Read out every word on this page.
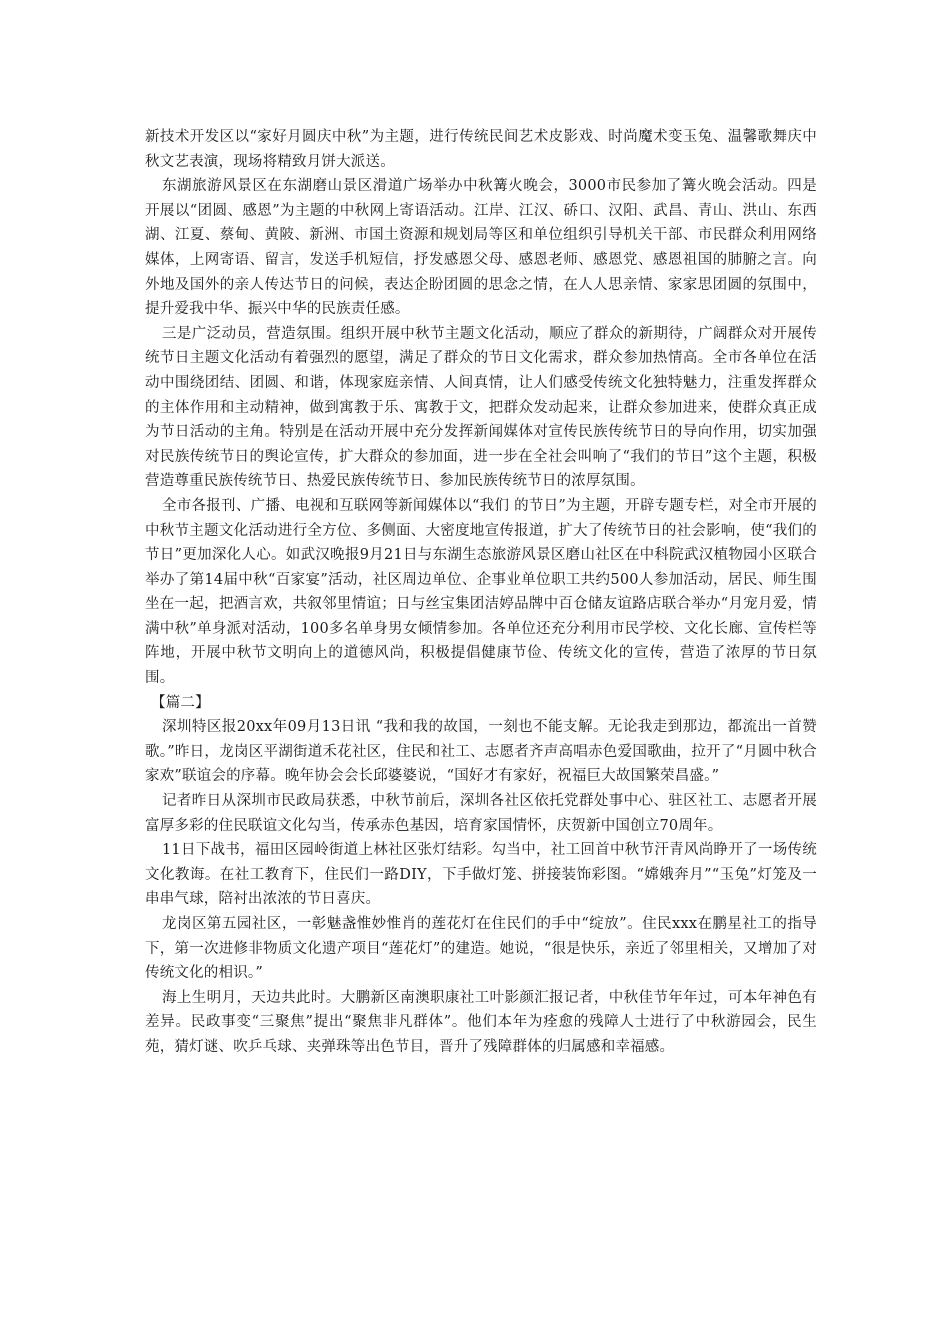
新技术开发区以“家好月圆庆中秋”为主题，进行传统民间艺术皮影戏、时尚魔术变玉兔、温馨歌舞庆中秋文艺表演，现场将精致月饼大派送。

东湖旅游风景区在东湖磨山景区滑道广场举办中秋篝火晚会，3000市民参加了篝火晚会活动。四是开展以“团圆、感恩”为主题的中秋网上寄语活动。江岸、江汉、硚口、汉阳、武昌、青山、洪山、东西湖、江夏、蔡甸、黄陂、新洲、市国土资源和规划局等区和单位组织引导机关干部、市民群众利用网络媒体，上网寄语、留言，发送手机短信，抒发感恩父母、感恩老师、感恩党、感恩祖国的肺腑之言。向外地及国外的亲人传达节日的问候，表达企盼团圆的思念之情，在人人思亲情、家家思团圆的氛围中，提升爱我中华、振兴中华的民族责任感。

三是广泛动员，营造氛围。组织开展中秋节主题文化活动，顺应了群众的新期待，广阔群众对开展传统节日主题文化活动有着强烈的愿望，满足了群众的节日文化需求，群众参加热情高。全市各单位在活动中围绕团结、团圆、和谐，体现家庭亲情、人间真情，让人们感受传统文化独特魅力，注重发挥群众的主体作用和主动精神，做到寓教于乐、寓教于文，把群众发动起来，让群众参加进来，使群众真正成为节日活动的主角。特别是在活动开展中充分发挥新闻媒体对宣传民族传统节日的导向作用，切实加强对民族传统节日的舆论宣传，扩大群众的参加面，进一步在全社会叫响了“我们的节日”这个主题，积极营造尊重民族传统节日、热爱民族传统节日、参加民族传统节日的浓厚氛围。

全市各报刊、广播、电视和互联网等新闻媒体以“我们 的节日”为主题，开辟专题专栏，对全市开展的中秋节主题文化活动进行全方位、多侧面、大密度地宣传报道，扩大了传统节日的社会影响，使“我们的节日”更加深化人心。如武汉晚报9月21日与东湖生态旅游风景区磨山社区在中科院武汉植物园小区联合举办了第14届中秋“百家宴”活动，社区周边单位、企事业单位职工共约500人参加活动，居民、师生围坐在一起，把酒言欢，共叙邻里情谊；日与丝宝集团洁婷品牌中百仓储友谊路店联合举办“月宠月爱，情满中秋”单身派对活动，100多名单身男女倾情参加。各单位还充分利用市民学校、文化长廊、宣传栏等阵地，开展中秋节文明向上的道德风尚，积极提倡健康节俭、传统文化的宣传，营造了浓厚的节日氛围。

【篇二】

深圳特区报20xx年09月13日讯 “我和我的故国，一刻也不能支解。无论我走到那边，都流出一首赞歌。”昨日，龙岗区平湖街道禾花社区，住民和社工、志愿者齐声高唱赤色爱国歌曲，拉开了“月圆中秋合家欢”联谊会的序幕。晚年协会会长邱婆婆说，“国好才有家好，祝福巨大故国繁荣昌盛。”

记者昨日从深圳市民政局获悉，中秋节前后，深圳各社区依托党群处事中心、驻区社工、志愿者开展富厚多彩的住民联谊文化勾当，传承赤色基因，培育家国情怀，庆贺新中国创立70周年。

11日下战书，福田区园岭街道上林社区张灯结彩。勾当中，社工回首中秋节汗青风尚睁开了一场传统文化教诲。在社工教育下，住民们一路DIY，下手做灯笼、拼接装饰彩图。“嫦娥奔月”“玉兔”灯笼及一串串气球，陪衬出浓浓的节日喜庆。

龙岗区第五园社区，一彰魅盏惟妙惟肖的莲花灯在住民们的手中“绽放”。住民xxx在鹏星社工的指导下，第一次进修非物质文化遗产项目“莲花灯”的建造。她说，“很是快乐，亲近了邻里相关，又增加了对传统文化的相识。”

海上生明月，天边共此时。大鹏新区南澳职康社工叶影颜汇报记者，中秋佳节年年过，可本年神色有差异。民政事变“三聚焦”提出“聚焦非凡群体”。他们本年为痊愈的残障人士进行了中秋游园会，民生苑，猜灯谜、吹乒乓球、夹弹珠等出色节目，晋升了残障群体的归属感和幸福感。
